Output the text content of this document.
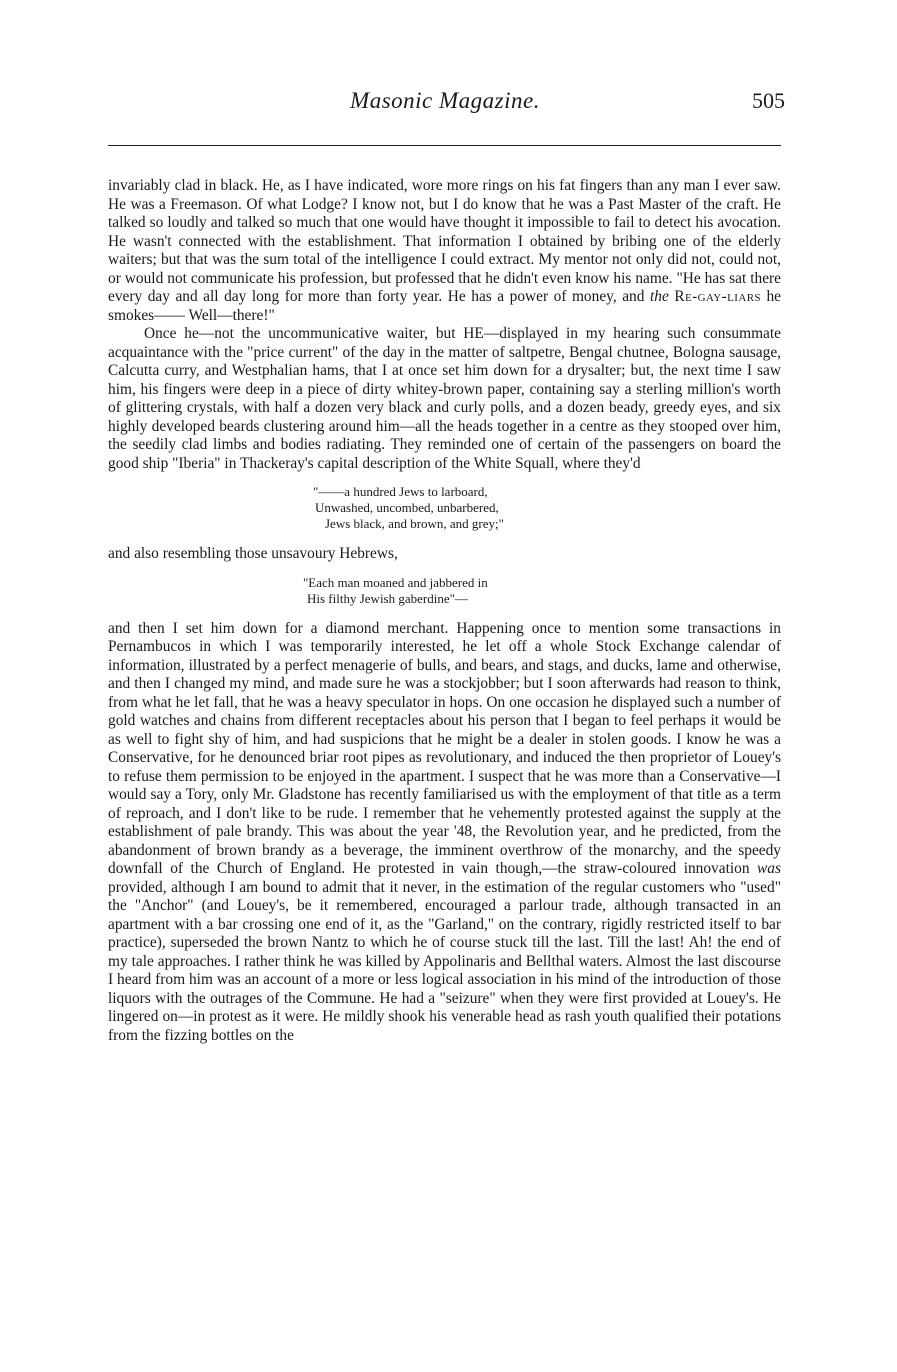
Masonic Magazine.	505

invariably clad in black. He, as I have indicated, wore more rings on his fat fingers than any man I ever saw. He was a Freemason. Of what Lodge? I know not, but I do know that he was a Past Master of the craft. He talked so loudly and talked so much that one would have thought it impossible to fail to detect his avocation. He wasn't connected with the establishment. That information I obtained by bribing one of the elderly waiters; but that was the sum total of the intelligence I could extract. My mentor not only did not, could not, or would not communicate his profession, but professed that he didn't even know his name. "He has sat there every day and all day long for more than forty year. He has a power of money, and the Re-gay-liars he smokes—— Well—there!"

Once he—not the uncommunicative waiter, but HE—displayed in my hearing such consummate acquaintance with the "price current" of the day in the matter of saltpetre, Bengal chutnee, Bologna sausage, Calcutta curry, and Westphalian hams, that I at once set him down for a drysalter; but, the next time I saw him, his fingers were deep in a piece of dirty whitey-brown paper, containing say a sterling million's worth of glittering crystals, with half a dozen very black and curly polls, and a dozen beady, greedy eyes, and six highly developed beards clustering around him—all the heads together in a centre as they stooped over him, the seedily clad limbs and bodies radiating. They reminded one of certain of the passengers on board the good ship "Iberia" in Thackeray's capital description of the White Squall, where they'd

"——a hundred Jews to larboard,
Unwashed, uncombed, unbarbered,
Jews black, and brown, and grey;"

and also resembling those unsavoury Hebrews,

"Each man moaned and jabbered in
His filthy Jewish gaberdine"—

and then I set him down for a diamond merchant. Happening once to mention some transactions in Pernambucos in which I was temporarily interested, he let off a whole Stock Exchange calendar of information, illustrated by a perfect menagerie of bulls, and bears, and stags, and ducks, lame and otherwise, and then I changed my mind, and made sure he was a stockjobber; but I soon afterwards had reason to think, from what he let fall, that he was a heavy speculator in hops. On one occasion he displayed such a number of gold watches and chains from different receptacles about his person that I began to feel perhaps it would be as well to fight shy of him, and had suspicions that he might be a dealer in stolen goods. I know he was a Conservative, for he denounced briar root pipes as revolutionary, and induced the then proprietor of Louey's to refuse them permission to be enjoyed in the apartment. I suspect that he was more than a Conservative—I would say a Tory, only Mr. Gladstone has recently familiarised us with the employment of that title as a term of reproach, and I don't like to be rude. I remember that he vehemently protested against the supply at the establishment of pale brandy. This was about the year '48, the Revolution year, and he predicted, from the abandonment of brown brandy as a beverage, the imminent overthrow of the monarchy, and the speedy downfall of the Church of England. He protested in vain though,—the straw-coloured innovation was provided, although I am bound to admit that it never, in the estimation of the regular customers who "used" the "Anchor" (and Louey's, be it remembered, encouraged a parlour trade, although transacted in an apartment with a bar crossing one end of it, as the "Garland," on the contrary, rigidly restricted itself to bar practice), superseded the brown Nantz to which he of course stuck till the last. Till the last! Ah! the end of my tale approaches. I rather think he was killed by Appolinaris and Bellthal waters. Almost the last discourse I heard from him was an account of a more or less logical association in his mind of the introduction of those liquors with the outrages of the Commune. He had a "seizure" when they were first provided at Louey's. He lingered on—in protest as it were. He mildly shook his venerable head as rash youth qualified their potations from the fizzing bottles on the
